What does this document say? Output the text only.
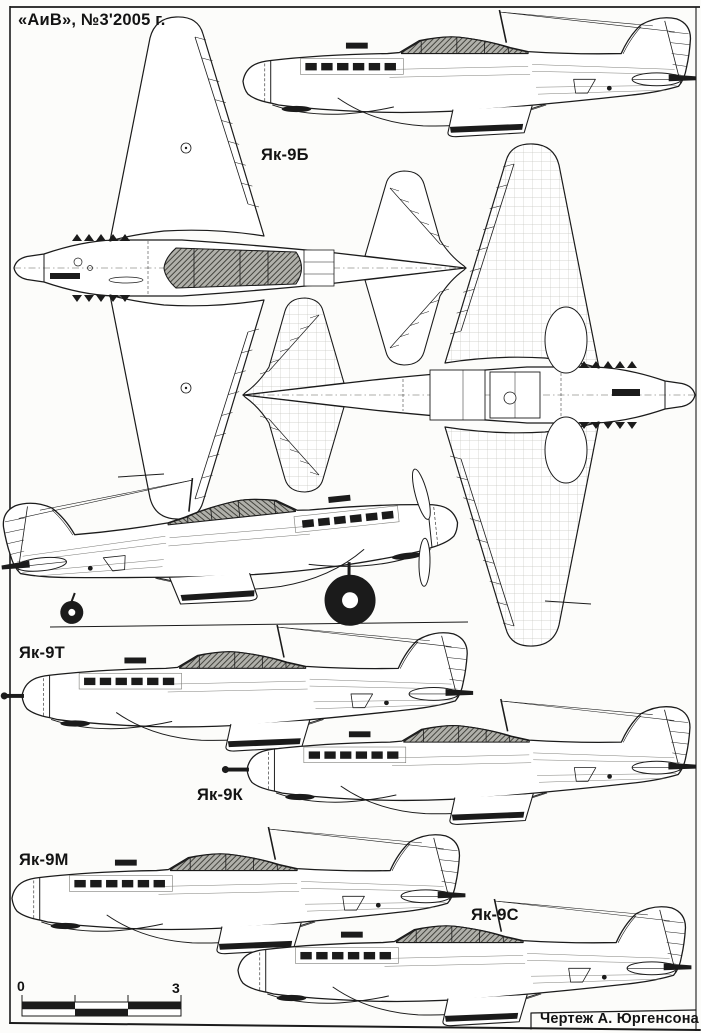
«АиВ», №3'2005 г.
Як-9Б
Як-9Т
Як-9К
Як-9М
Як-9С
0	3
Чертеж А. Юргенсона
